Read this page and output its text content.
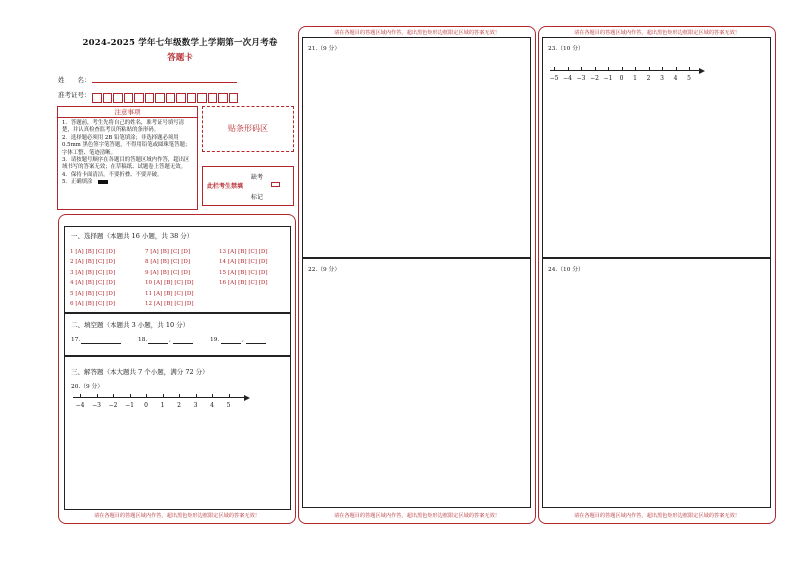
2024-2025 学年七年级数学上学期第一次月考卷
答题卡
姓　　名：
准考证号：
注意事项
1．答题前，考生先将自己的姓名，准考证号填写清楚，并认真检查监考员所粘贴的条形码。
2．选择题必须用 2B 铅笔填涂；非选择题必须用 0.5mm 黑色签字笔答题，不得用铅笔或圆珠笔答题；字体工整、笔迹清晰。
3．请按题号顺序在各题目的答题区域内作答，超出区域书写的答案无效；在草稿纸、试题卷上答题无效。
4．保持卡面清洁，不要折叠、不要弄破。
5．正确填涂
贴条形码区
缺考
此栏考生禁填
标记
一、选择题（本题共 16 小题，共 38 分）
1 [A] [B] [C] [D]
2 [A] [B] [C] [D]
3 [A] [B] [C] [D]
4 [A] [B] [C] [D]
5 [A] [B] [C] [D]
6 [A] [B] [C] [D]
7 [A] [B] [C] [D]
8 [A] [B] [C] [D]
9 [A] [B] [C] [D]
10 [A] [B] [C] [D]
11 [A] [B] [C] [D]
12 [A] [B] [C] [D]
13 [A] [B] [C] [D]
14 [A] [B] [C] [D]
15 [A] [B] [C] [D]
16 [A] [B] [C] [D]
二、填空题（本题共 3 小题，共 10 分）
17.	18.	,	19.	,
三、解答题（本大题共 7 个小题，满分 72 分）
20.（9 分）
−4	−3	−2	−1	0	1	2	3	4	5
请在各题目的答题区域内作答，超出黑色矩形边框限定区域的答案无效！
请在各题目的答题区域内作答，超出黑色矩形边框限定区域的答案无效！
21.（9 分）
22.（9 分）
请在各题目的答题区域内作答，超出黑色矩形边框限定区域的答案无效！
请在各题目的答题区域内作答，超出黑色矩形边框限定区域的答案无效！
23.（10 分）
−5 −4 −3 −2 −1	0	1	2	3	4	5
24.（10 分）
请在各题目的答题区域内作答，超出黑色矩形边框限定区域的答案无效！
